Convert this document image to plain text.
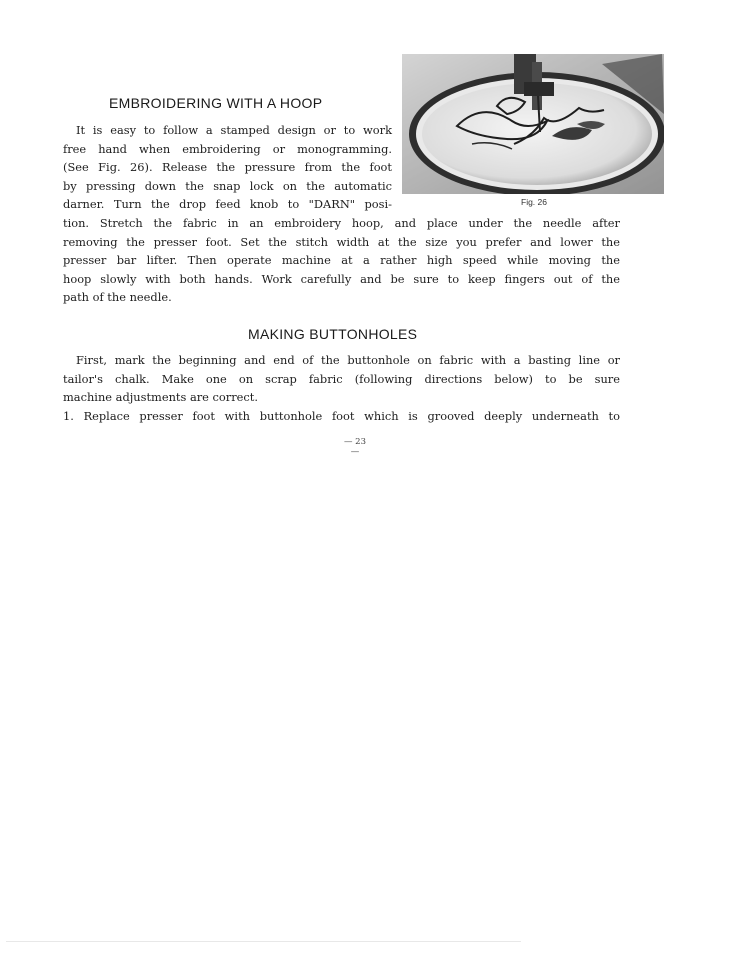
EMBROIDERING WITH A HOOP
Fig. 26
It is easy to follow a stamped design or to work
free hand when embroidering or monogramming.
(See Fig. 26). Release the pressure from the foot
by pressing down the snap lock on the automatic
darner. Turn the drop feed knob to "DARN" posi-
tion. Stretch the fabric in an embroidery hoop, and place under the needle after
removing the presser foot. Set the stitch width at the size you prefer and lower the
presser bar lifter. Then operate machine at a rather high speed while moving the
hoop slowly with both hands. Work carefully and be sure to keep fingers out of the
path of the needle.
MAKING BUTTONHOLES
First, mark the beginning and end of the buttonhole on fabric with a basting line or
tailor's chalk. Make one on scrap fabric (following directions below) to be sure
machine adjustments are correct.
1. Replace presser foot with buttonhole foot which is grooved deeply underneath to
— 23 —
